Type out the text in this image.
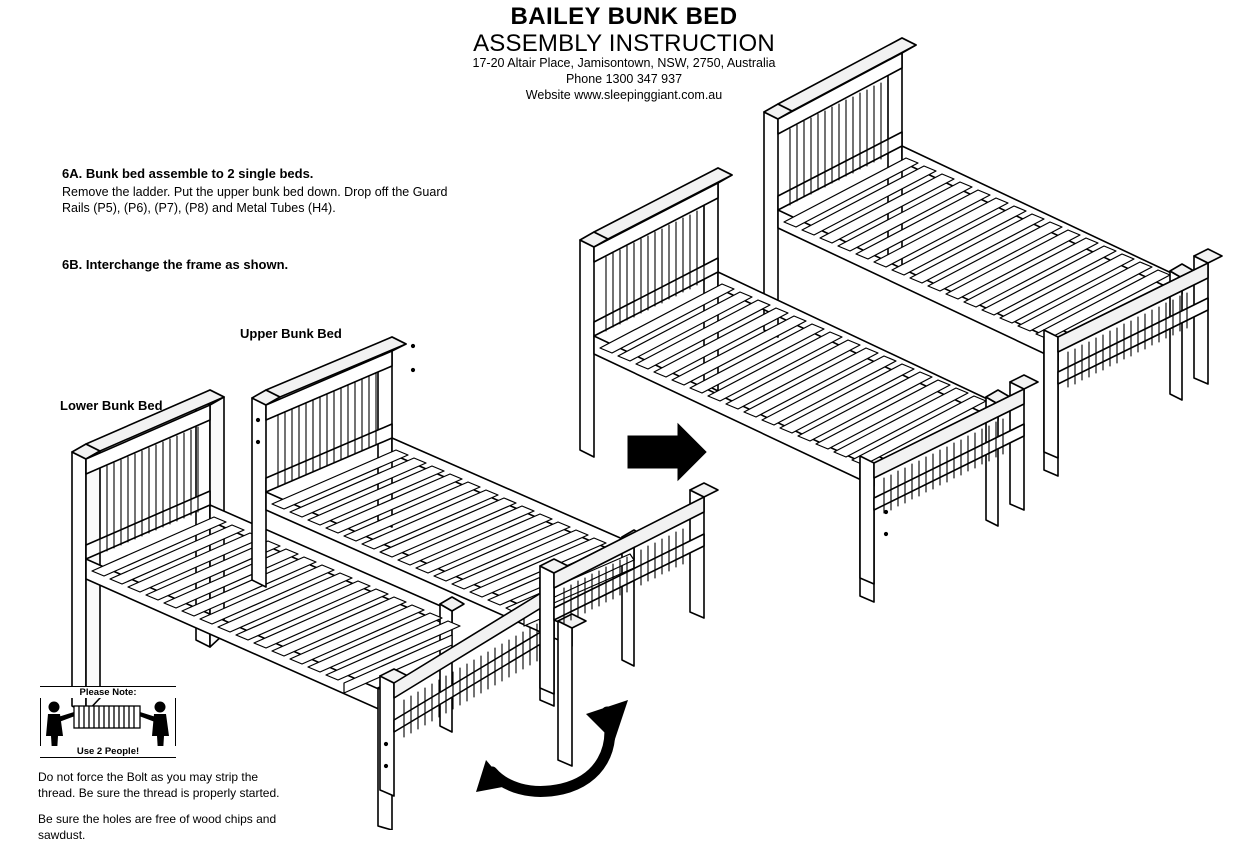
BAILEY BUNK BED
ASSEMBLY INSTRUCTION
17-20 Altair Place, Jamisontown, NSW, 2750, Australia
Phone 1300 347 937
Website www.sleepinggiant.com.au

6A. Bunk bed assemble to 2 single beds.

Remove the ladder. Put the upper bunk bed down. Drop off the Guard Rails (P5), (P6), (P7), (P8) and Metal Tubes (H4).

6B. Interchange the frame as shown.

Upper Bunk Bed
Lower Bunk Bed
Please Note:
Use 2 People!
Do not force the Bolt as you may strip the thread. Be sure the thread is properly started.
Be sure the holes are free of wood chips and sawdust.
